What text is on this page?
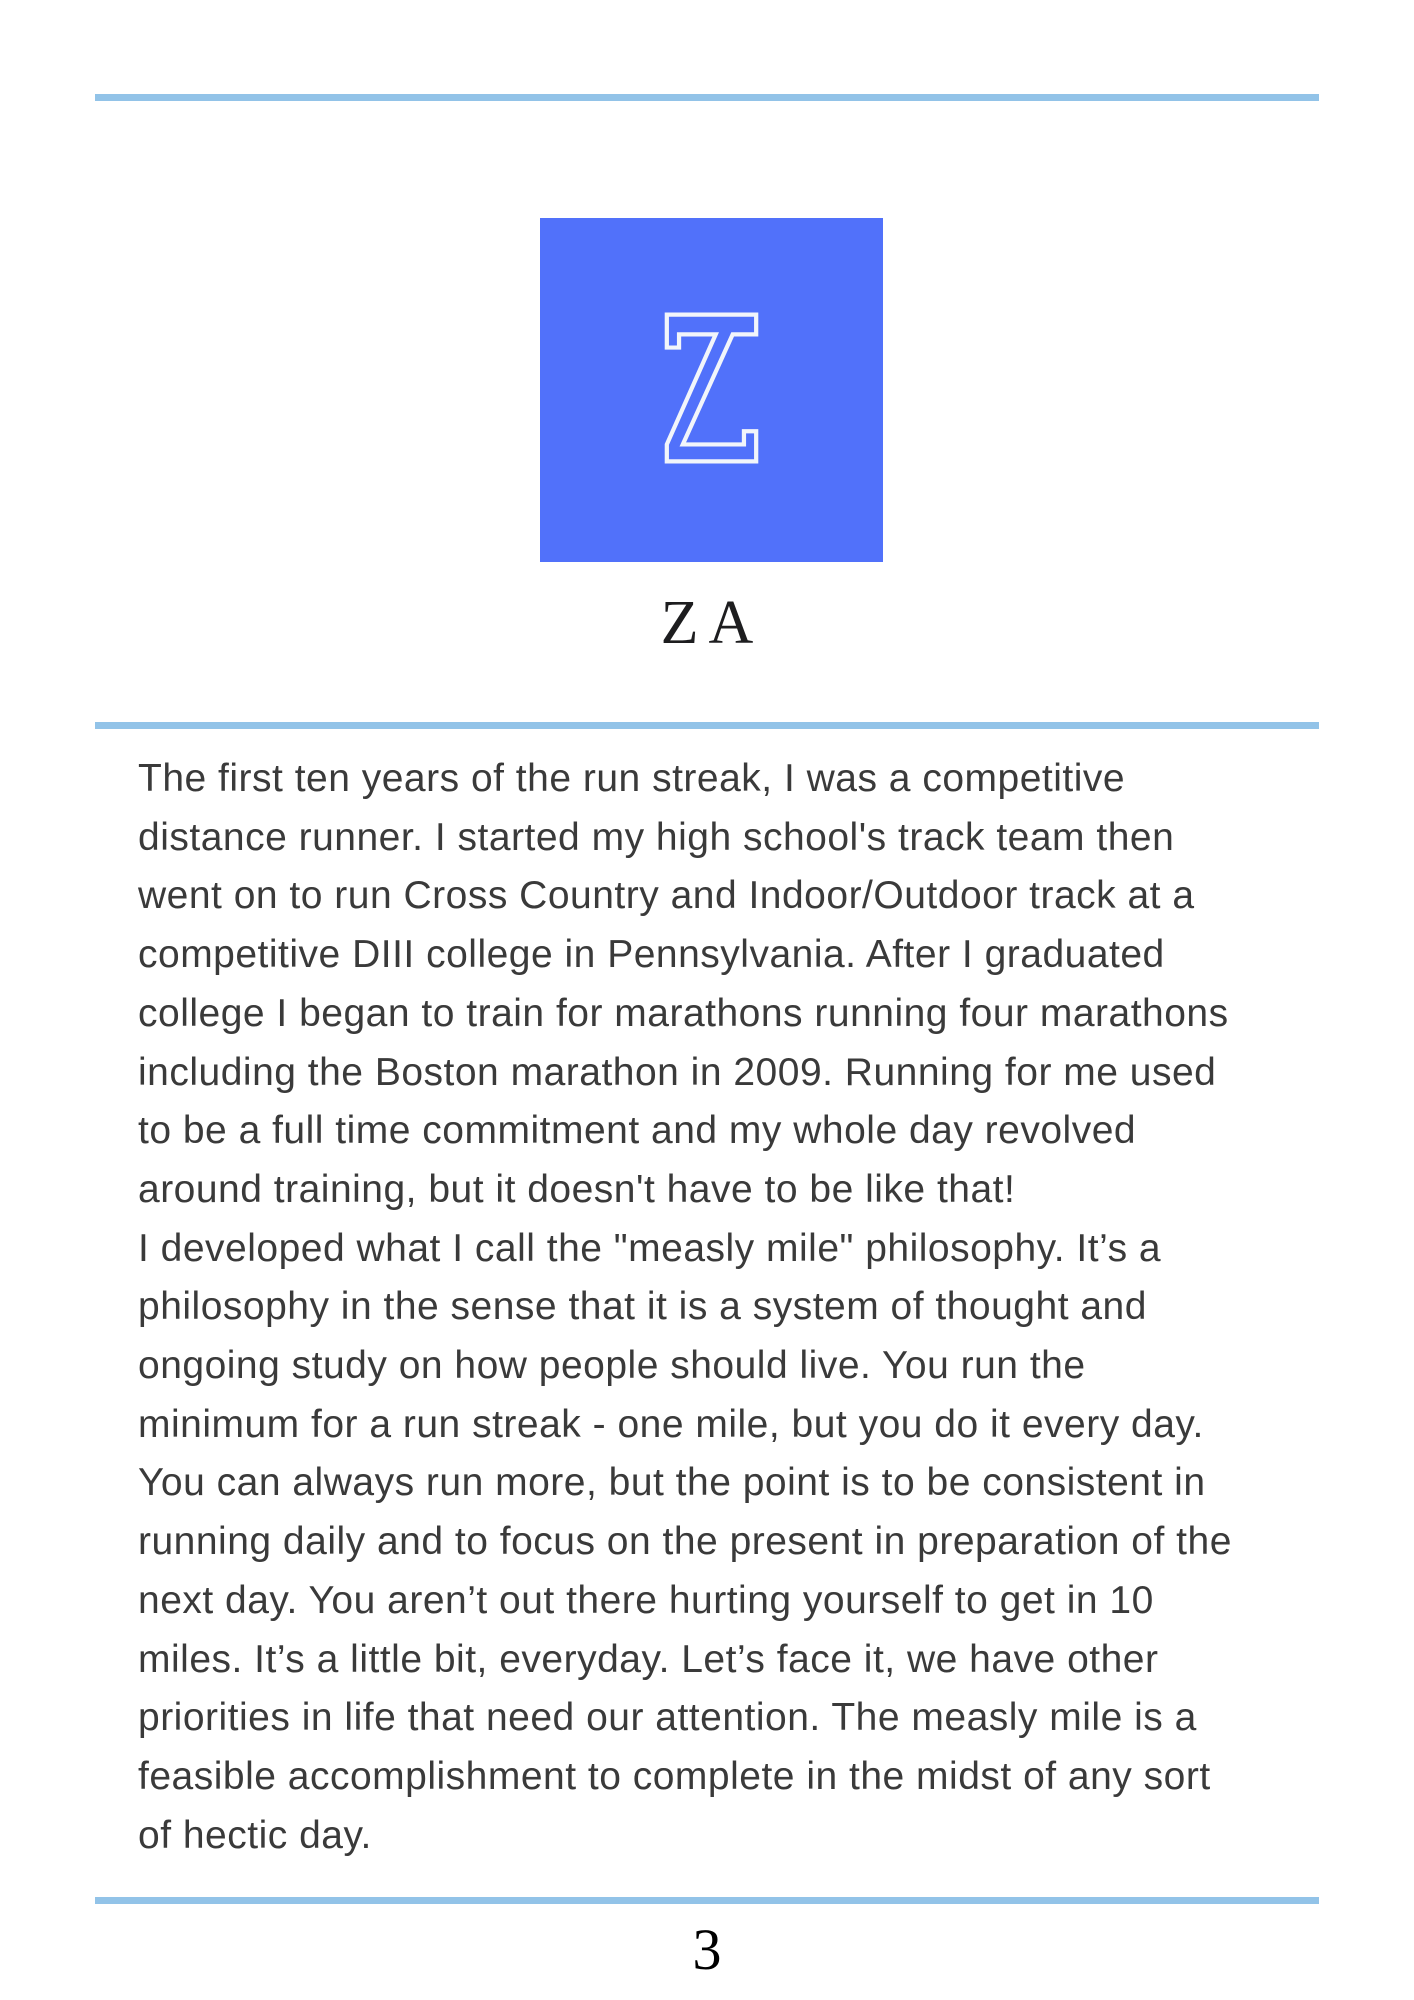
ZA
The first ten years of the run streak, I was a competitive
distance runner. I started my high school's track team then
went on to run Cross Country and Indoor/Outdoor track at a
competitive DIII college in Pennsylvania. After I graduated
college I began to train for marathons running four marathons
including the Boston marathon in 2009. Running for me used
to be a full time commitment and my whole day revolved
around training, but it doesn't have to be like that!
I developed what I call the "measly mile" philosophy. It’s a
philosophy in the sense that it is a system of thought and
ongoing study on how people should live. You run the
minimum for a run streak - one mile, but you do it every day.
You can always run more, but the point is to be consistent in
running daily and to focus on the present in preparation of the
next day. You aren’t out there hurting yourself to get in 10
miles. It’s a little bit, everyday. Let’s face it, we have other
priorities in life that need our attention. The measly mile is a
feasible accomplishment to complete in the midst of any sort
of hectic day.
3
